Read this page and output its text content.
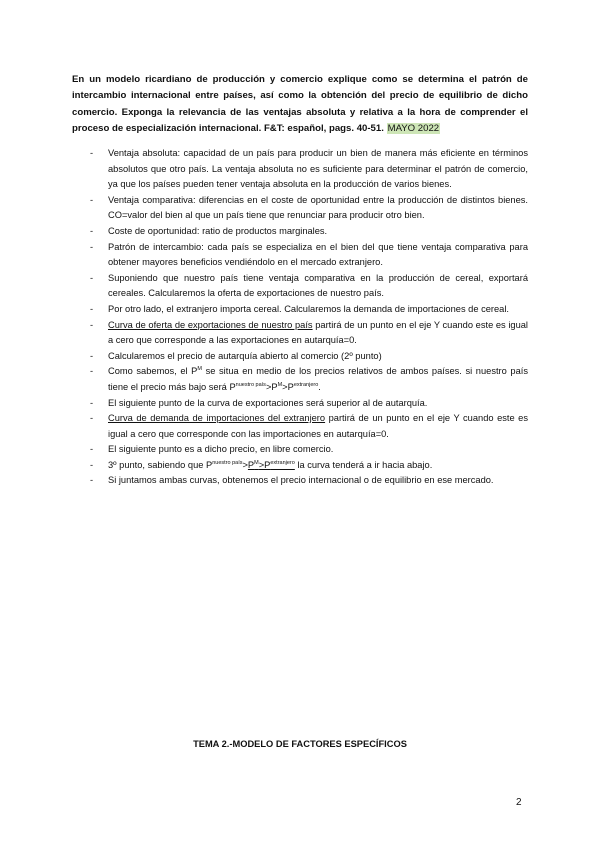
En un modelo ricardiano de producción y comercio explique como se determina el patrón de intercambio internacional entre países, así como la obtención del precio de equilibrio de dicho comercio. Exponga la relevancia de las ventajas absoluta y relativa a la hora de comprender el proceso de especialización internacional. F&T: español, pags. 40-51. MAYO 2022

- Ventaja absoluta: capacidad de un país para producir un bien de manera más eficiente en términos absolutos que otro país. La ventaja absoluta no es suficiente para determinar el patrón de comercio, ya que los países pueden tener ventaja absoluta en la producción de varios bienes.
- Ventaja comparativa: diferencias en el coste de oportunidad entre la producción de distintos bienes. CO=valor del bien al que un país tiene que renunciar para producir otro bien.
- Coste de oportunidad: ratio de productos marginales.
- Patrón de intercambio: cada país se especializa en el bien del que tiene ventaja comparativa para obtener mayores beneficios vendiéndolo en el mercado extranjero.
- Suponiendo que nuestro país tiene ventaja comparativa en la producción de cereal, exportará cereales. Calcularemos la oferta de exportaciones de nuestro país.
- Por otro lado, el extranjero importa cereal. Calcularemos la demanda de importaciones de cereal.
- Curva de oferta de exportaciones de nuestro país partirá de un punto en el eje Y cuando este es igual a cero que corresponde a las exportaciones en autarquía=0.
- Calcularemos el precio de autarquía abierto al comercio (2º punto)
- Como sabemos, el $P^M$ se situa en medio de los precios relativos de ambos países. si nuestro país tiene el precio más bajo será $P^{nuestro país}>P^M>P^{extranjero}$.
- El siguiente punto de la curva de exportaciones será superior al de autarquía.
- Curva de demanda de importaciones del extranjero partirá de un punto en el eje Y cuando este es igual a cero que corresponde con las importaciones en autarquía=0.
- El siguiente punto es a dicho precio, en libre comercio.
- 3º punto, sabiendo que $P^{nuestro país}>P^M>P^{extranjero}$ la curva tenderá a ir hacia abajo.
- Si juntamos ambas curvas, obtenemos el precio internacional o de equilibrio en ese mercado.

TEMA 2.-MODELO DE FACTORES ESPECÍFICOS

2
